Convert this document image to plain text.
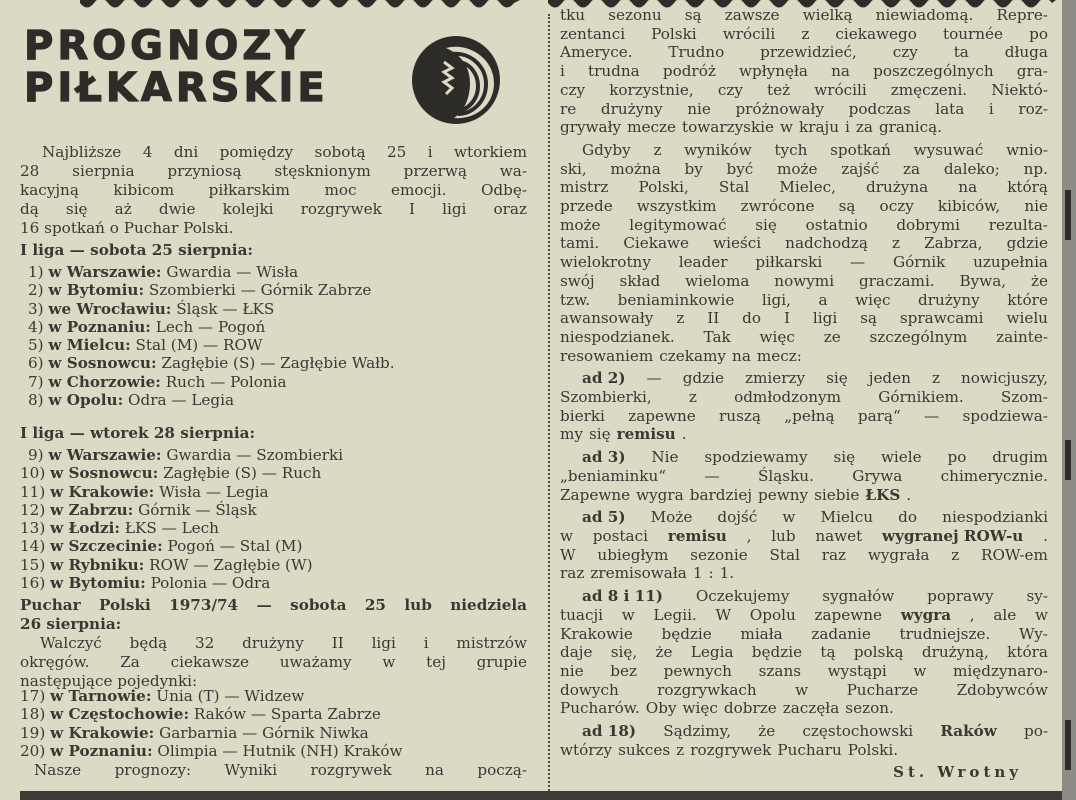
PROGNOZY
PIŁKARSKIE

Najbliższe 4 dni pomiędzy sobotą 25 i wtorkiem

28 sierpnia przyniosą stęsknionym przerwą wa-

kacyjną kibicom piłkarskim moc emocji. Odbę-

dą się aż dwie kolejki rozgrywek I ligi oraz

16 spotkań o Puchar Polski.

I liga — sobota 25 sierpnia:
1) w Warszawie: Gwardia — Wisła
2) w Bytomiu: Szombierki — Górnik Zabrze
3) we Wrocławiu: Śląsk — ŁKS
4) w Poznaniu: Lech — Pogoń
5) w Mielcu: Stal (M) — ROW
6) w Sosnowcu: Zagłębie (S) — Zagłębie Wałb.
7) w Chorzowie: Ruch — Polonia
8) w Opolu: Odra — Legia
I liga — wtorek 28 sierpnia:
9) w Warszawie: Gwardia — Szombierki
10) w Sosnowcu: Zagłębie (S) — Ruch
11) w Krakowie: Wisła — Legia
12) w Zabrzu: Górnik — Śląsk
13) w Łodzi: ŁKS — Lech
14) w Szczecinie: Pogoń — Stal (M)
15) w Rybniku: ROW — Zagłębie (W)
16) w Bytomiu: Polonia — Odra
Puchar Polski 1973/74 — sobota 25 lub niedziela
26 sierpnia:
Walczyć będą 32 drużyny II ligi i mistrzów
okręgów. Za ciekawsze uważamy w tej grupie
następujące pojedynki:
17) w Tarnowie: Unia (T) — Widzew
18) w Częstochowie: Raków — Sparta Zabrze
19) w Krakowie: Garbarnia — Górnik Niwka
20) w Poznaniu: Olimpia — Hutnik (NH) Kraków
Nasze prognozy: Wyniki rozgrywek na począ-
tku sezonu są zawsze wielką niewiadomą. Repre-
zentanci Polski wrócili z ciekawego tournée po
Ameryce. Trudno przewidzieć, czy ta długa
i trudna podróż wpłynęła na poszczególnych gra-
czy korzystnie, czy też wrócili zmęczeni. Niektó-
re drużyny nie próżnowały podczas lata i roz-
grywały mecze towarzyskie w kraju i za granicą.
Gdyby z wyników tych spotkań wysuwać wnio-
ski, można by być może zajść za daleko; np.
mistrz Polski, Stal Mielec, drużyna na którą
przede wszystkim zwrócone są oczy kibiców, nie
może legitymować się ostatnio dobrymi rezulta-
tami. Ciekawe wieści nadchodzą z Zabrza, gdzie
wielokrotny leader piłkarski — Górnik uzupełnia
swój skład wieloma nowymi graczami. Bywa, że
tzw. beniaminkowie ligi, a więc drużyny które
awansowały z II do I ligi są sprawcami wielu
niespodzianek. Tak więc ze szczególnym zainte-
resowaniem czekamy na mecz:
ad 2) — gdzie zmierzy się jeden z nowicjuszy,
Szombierki, z odmłodzonym Górnikiem. Szom-
bierki zapewne ruszą „pełną parą“ — spodziewa-
my się remisu .
ad 3) Nie spodziewamy się wiele po drugim
„beniaminku“	—	Śląsku.	Grywa	chimerycznie.
Zapewne wygra bardziej pewny siebie ŁKS .
ad 5) Może dojść w Mielcu do niespodzianki
w postaci remisu , lub nawet wygranej ROW-u .
W ubiegłym sezonie Stal raz wygrała z ROW-em
raz zremisowała 1 : 1.
ad 8 i 11) Oczekujemy sygnałów poprawy sy-
tuacji w Legii. W Opolu zapewne wygra , ale w
Krakowie będzie miała zadanie trudniejsze. Wy-
daje się, że Legia będzie tą polską drużyną, która
nie bez pewnych szans wystąpi w międzynaro-
dowych	rozgrywkach	w	Pucharze	Zdobywców
Pucharów. Oby więc dobrze zaczęła sezon.
ad 18) Sądzimy, że częstochowski Raków po-
wtórzy sukces z rozgrywek Pucharu Polski.
St. Wrotny
